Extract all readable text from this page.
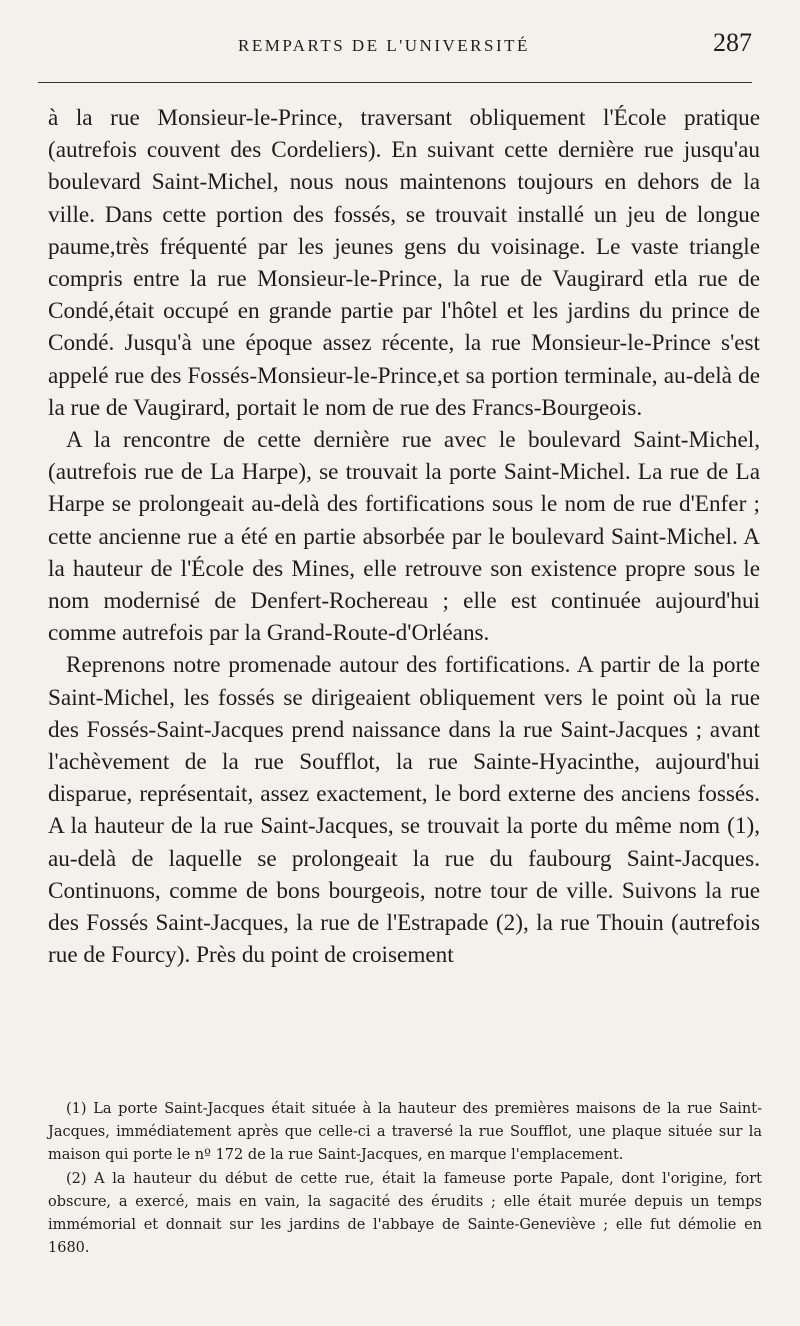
REMPARTS DE L'UNIVERSITÉ	287

à la rue Monsieur-le-Prince, traversant obliquement l'École pratique (autrefois couvent des Cordeliers). En suivant cette dernière rue jusqu'au boulevard Saint-Michel, nous nous maintenons toujours en dehors de la ville. Dans cette portion des fossés, se trouvait installé un jeu de longue paume,très fréquenté par les jeunes gens du voisinage. Le vaste triangle compris entre la rue Monsieur-le-Prince, la rue de Vaugirard etla rue de Condé,était occupé en grande partie par l'hôtel et les jardins du prince de Condé. Jusqu'à une époque assez récente, la rue Monsieur-le-Prince s'est appelé rue des Fossés-Monsieur-le-Prince,et sa portion terminale, au-delà de la rue de Vaugirard, portait le nom de rue des Francs-Bourgeois.

A la rencontre de cette dernière rue avec le boulevard Saint-Michel, (autrefois rue de La Harpe), se trouvait la porte Saint-Michel. La rue de La Harpe se prolongeait au-delà des fortifications sous le nom de rue d'Enfer ; cette ancienne rue a été en partie absorbée par le boulevard Saint-Michel. A la hauteur de l'École des Mines, elle retrouve son existence propre sous le nom modernisé de Denfert-Rochereau ; elle est continuée aujourd'hui comme autrefois par la Grand-Route-d'Orléans.

Reprenons notre promenade autour des fortifications. A partir de la porte Saint-Michel, les fossés se dirigeaient obliquement vers le point où la rue des Fossés-Saint-Jacques prend naissance dans la rue Saint-Jacques ; avant l'achèvement de la rue Soufflot, la rue Sainte-Hyacinthe, aujourd'hui disparue, représentait, assez exactement, le bord externe des anciens fossés. A la hauteur de la rue Saint-Jacques, se trouvait la porte du même nom (1), au-delà de laquelle se prolongeait la rue du faubourg Saint-Jacques. Continuons, comme de bons bourgeois, notre tour de ville. Suivons la rue des Fossés Saint-Jacques, la rue de l'Estrapade (2), la rue Thouin (autrefois rue de Fourcy). Près du point de croisement

(1) La porte Saint-Jacques était située à la hauteur des premières maisons de la rue Saint-Jacques, immédiatement après que celle-ci a traversé la rue Soufflot, une plaque située sur la maison qui porte le nº 172 de la rue Saint-Jacques, en marque l'emplacement.

(2) A la hauteur du début de cette rue, était la fameuse porte Papale, dont l'origine, fort obscure, a exercé, mais en vain, la sagacité des érudits ; elle était murée depuis un temps immémorial et donnait sur les jardins de l'abbaye de Sainte-Geneviève ; elle fut démolie en 1680.
